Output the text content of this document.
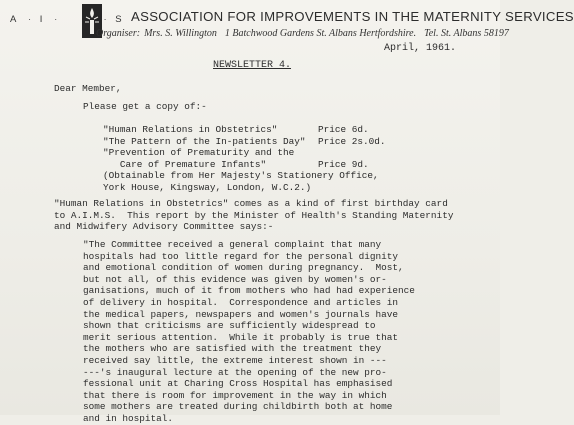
A · I ·	· S ASSOCIATION FOR IMPROVEMENTS IN THE MATERNITY SERVICES
Organiser: Mrs. S. Willington 1 Batchwood Gardens St. Albans Hertfordshire. Tel. St. Albans 58197
April, 1961.
NEWSLETTER 4.
Dear Member,
Please get a copy of:-
"Human Relations in Obstetrics"	Price 6d.
"The Pattern of the In-patients Day" Price 2s.0d.
"Prevention of Prematurity and the
Care of Premature Infants"	Price 9d.
(Obtainable from Her Majesty's Stationery Office,
York House, Kingsway, London, W.C.2.)
"Human Relations in Obstetrics" comes as a kind of first birthday card
to A.I.M.S.  This report by the Minister of Health's Standing Maternity
and Midwifery Advisory Committee says:-
"The Committee received a general complaint that many
hospitals had too little regard for the personal dignity
and emotional condition of women during pregnancy.  Most,
but not all, of this evidence was given by women's or-
ganisations, much of it from mothers who had had experience
of delivery in hospital.  Correspondence and articles in
the medical papers, newspapers and women's journals have
shown that criticisms are sufficiently widespread to
merit serious attention.  While it probably is true that
the mothers who are satisfied with the treatment they
received say little, the extreme interest shown in ---
---'s inaugural lecture at the opening of the new pro-
fessional unit at Charing Cross Hospital has emphasised
that there is room for improvement in the way in which
some mothers are treated during childbirth both at home
and in hospital.
